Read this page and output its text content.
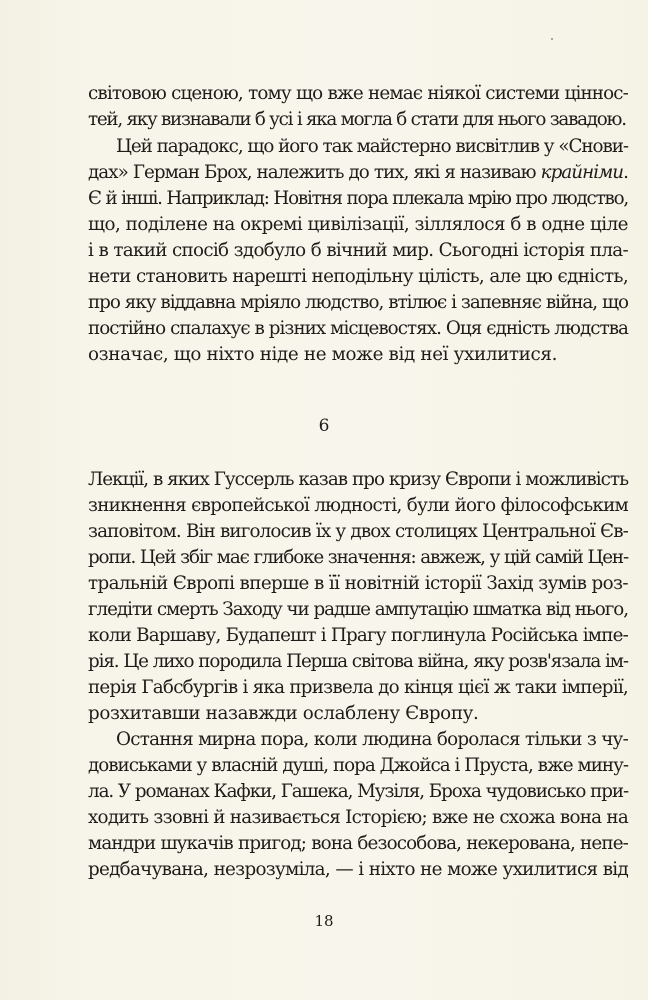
світовою сценою, тому що вже немає ніякої системи ціннос-
тей, яку визнавали б усі і яка могла б стати для нього завадою.
Цей парадокс, що його так майстерно висвітлив у «Снови-
дах» Герман Брох, належить до тих, які я називаю крайніми.
Є й інші. Наприклад: Новітня пора плекала мрію про людство,
що, поділене на окремі цивілізації, зіллялося б в одне ціле
і в такий спосіб здобуло б вічний мир. Сьогодні історія пла-
нети становить нарешті неподільну цілість, але цю єдність,
про яку віддавна мріяло людство, втілює і запевняє війна, що
постійно спалахує в різних місцевостях. Оця єдність людства
означає, що ніхто ніде не може від неї ухилитися.
6
Лекції, в яких Гуссерль казав про кризу Європи і можливість
зникнення європейської людності, були його філософським
заповітом. Він виголосив їх у двох столицях Центральної Єв-
ропи. Цей збіг має глибоке значення: авжеж, у цій самій Цен-
тральній Європі вперше в її новітній історії Захід зумів роз-
гледіти смерть Заходу чи радше ампутацію шматка від нього,
коли Варшаву, Будапешт і Прагу поглинула Російська імпе-
рія. Це лихо породила Перша світова війна, яку розв'язала ім-
перія Габсбургів і яка призвела до кінця цієї ж таки імперії,
розхитавши назавжди ослаблену Європу.
Остання мирна пора, коли людина боролася тільки з чу-
довиськами у власній душі, пора Джойса і Пруста, вже мину-
ла. У романах Кафки, Гашека, Музіля, Броха чудовисько при-
ходить ззовні й називається Історією; вже не схожа вона на
мандри шукачів пригод; вона безособова, некерована, непе-
редбачувана, незрозуміла, — і ніхто не може ухилитися від
18
